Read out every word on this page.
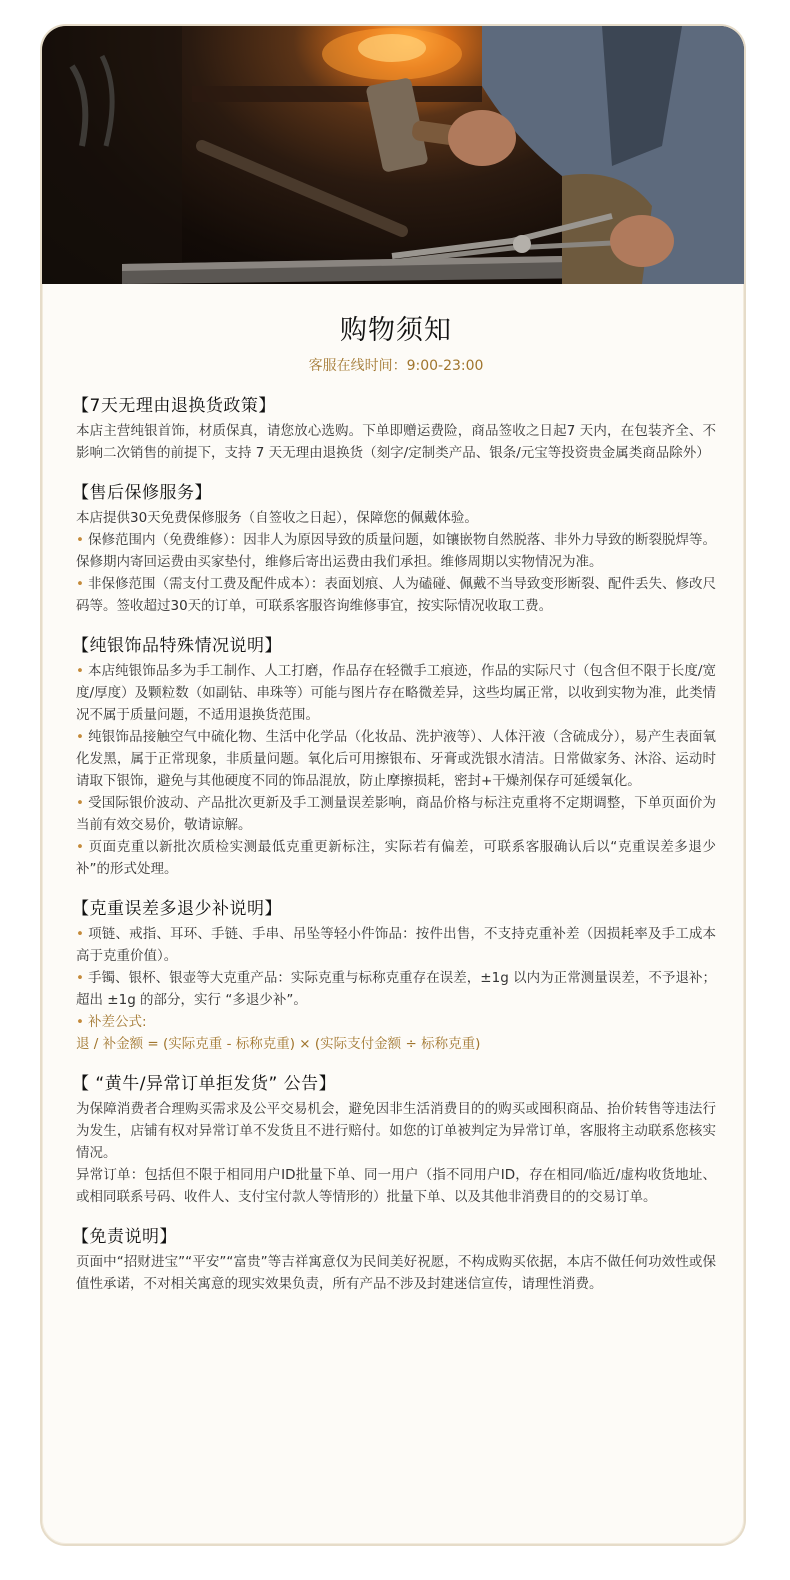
购物须知
客服在线时间：9:00-23:00
【7天无理由退换货政策】

本店主营纯银首饰，材质保真，请您放心选购。下单即赠运费险，商品签收之日起7 天内，在包装齐全、不影响二次销售的前提下，支持 7 天无理由退换货（刻字/定制类产品、银条/元宝等投资贵金属类商品除外）

【售后保修服务】

本店提供30天免费保修服务（自签收之日起），保障您的佩戴体验。

• 保修范围内（免费维修）：因非人为原因导致的质量问题，如镶嵌物自然脱落、非外力导致的断裂脱焊等。保修期内寄回运费由买家垫付，维修后寄出运费由我们承担。维修周期以实物情况为准。

• 非保修范围（需支付工费及配件成本）：表面划痕、人为磕碰、佩戴不当导致变形断裂、配件丢失、修改尺码等。签收超过30天的订单，可联系客服咨询维修事宜，按实际情况收取工费。

【纯银饰品特殊情况说明】

• 本店纯银饰品多为手工制作、人工打磨，作品存在轻微手工痕迹，作品的实际尺寸（包含但不限于长度/宽度/厚度）及颗粒数（如副钻、串珠等）可能与图片存在略微差异，这些均属正常，以收到实物为准，此类情况不属于质量问题，不适用退换货范围。

• 纯银饰品接触空气中硫化物、生活中化学品（化妆品、洗护液等）、人体汗液（含硫成分），易产生表面氧化发黑，属于正常现象，非质量问题。氧化后可用擦银布、牙膏或洗银水清洁。日常做家务、沐浴、运动时请取下银饰，避免与其他硬度不同的饰品混放，防止摩擦损耗，密封+干燥剂保存可延缓氧化。

• 受国际银价波动、产品批次更新及手工测量误差影响，商品价格与标注克重将不定期调整，下单页面价为当前有效交易价，敬请谅解。

• 页面克重以新批次质检实测最低克重更新标注，实际若有偏差，可联系客服确认后以“克重误差多退少补”的形式处理。

【克重误差多退少补说明】

• 项链、戒指、耳环、手链、手串、吊坠等轻小件饰品：按件出售，不支持克重补差（因损耗率及手工成本高于克重价值）。

• 手镯、银杯、银壶等大克重产品：实际克重与标称克重存在误差，±1g 以内为正常测量误差，不予退补；超出 ±1g 的部分，实行 “多退少补”。

• 补差公式:

退 / 补金额 = (实际克重 - 标称克重) × (实际支付金额 ÷ 标称克重)

【 “黄牛/异常订单拒发货” 公告】

为保障消费者合理购买需求及公平交易机会，避免因非生活消费目的的购买或囤积商品、抬价转售等违法行为发生，店铺有权对异常订单不发货且不进行赔付。如您的订单被判定为异常订单，客服将主动联系您核实情况。

异常订单：包括但不限于相同用户ID批量下单、同一用户（指不同用户ID，存在相同/临近/虚构收货地址、或相同联系号码、收件人、支付宝付款人等情形的）批量下单、以及其他非消费目的的交易订单。

【免责说明】

页面中“招财进宝”“平安”“富贵”等吉祥寓意仅为民间美好祝愿，不构成购买依据，本店不做任何功效性或保值性承诺，不对相关寓意的现实效果负责，所有产品不涉及封建迷信宣传，请理性消费。
